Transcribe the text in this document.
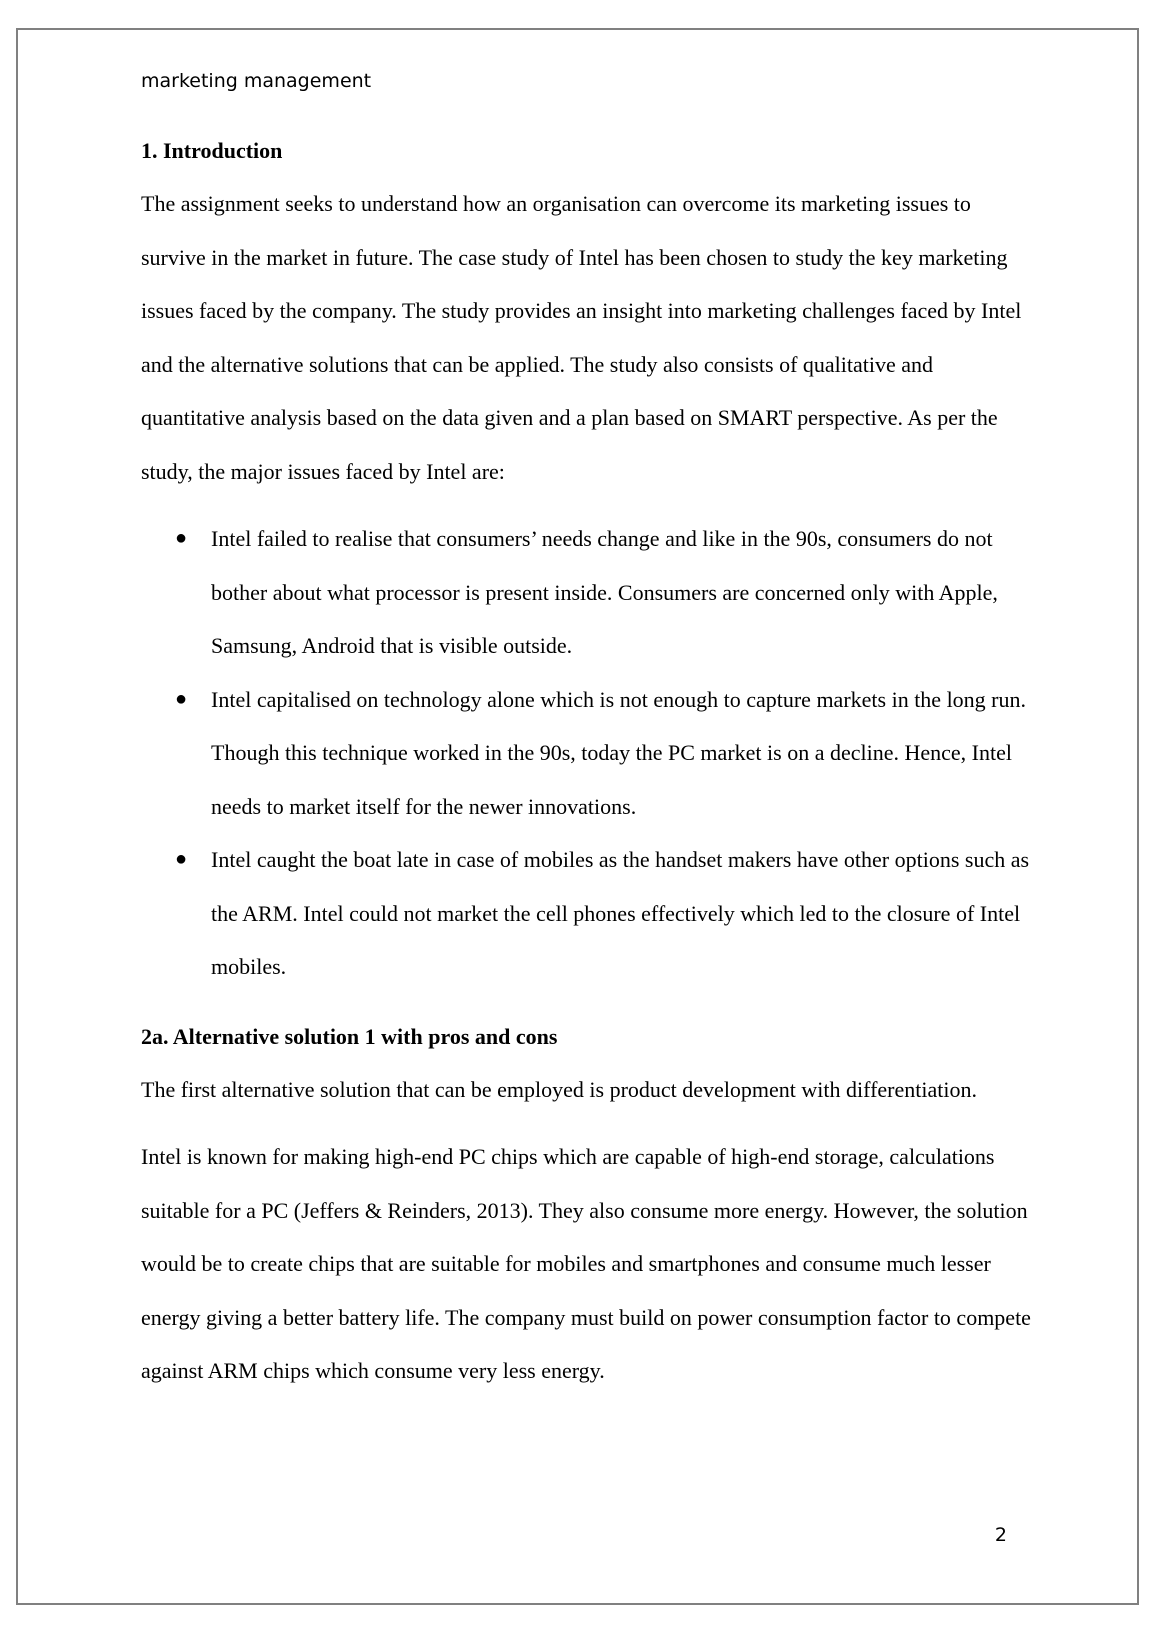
marketing management

1. Introduction

The assignment seeks to understand how an organisation can overcome its marketing issues to survive in the market in future. The case study of Intel has been chosen to study the key marketing issues faced by the company. The study provides an insight into marketing challenges faced by Intel and the alternative solutions that can be applied. The study also consists of qualitative and quantitative analysis based on the data given and a plan based on SMART perspective. As per the study, the major issues faced by Intel are:

● Intel failed to realise that consumers’ needs change and like in the 90s, consumers do not bother about what processor is present inside. Consumers are concerned only with Apple, Samsung, Android that is visible outside.
● Intel capitalised on technology alone which is not enough to capture markets in the long run. Though this technique worked in the 90s, today the PC market is on a decline. Hence, Intel needs to market itself for the newer innovations.
● Intel caught the boat late in case of mobiles as the handset makers have other options such as the ARM. Intel could not market the cell phones effectively which led to the closure of Intel mobiles.

2a. Alternative solution 1 with pros and cons

The first alternative solution that can be employed is product development with differentiation.

Intel is known for making high-end PC chips which are capable of high-end storage, calculations suitable for a PC (Jeffers & Reinders, 2013). They also consume more energy. However, the solution would be to create chips that are suitable for mobiles and smartphones and consume much lesser energy giving a better battery life. The company must build on power consumption factor to compete against ARM chips which consume very less energy.

2
